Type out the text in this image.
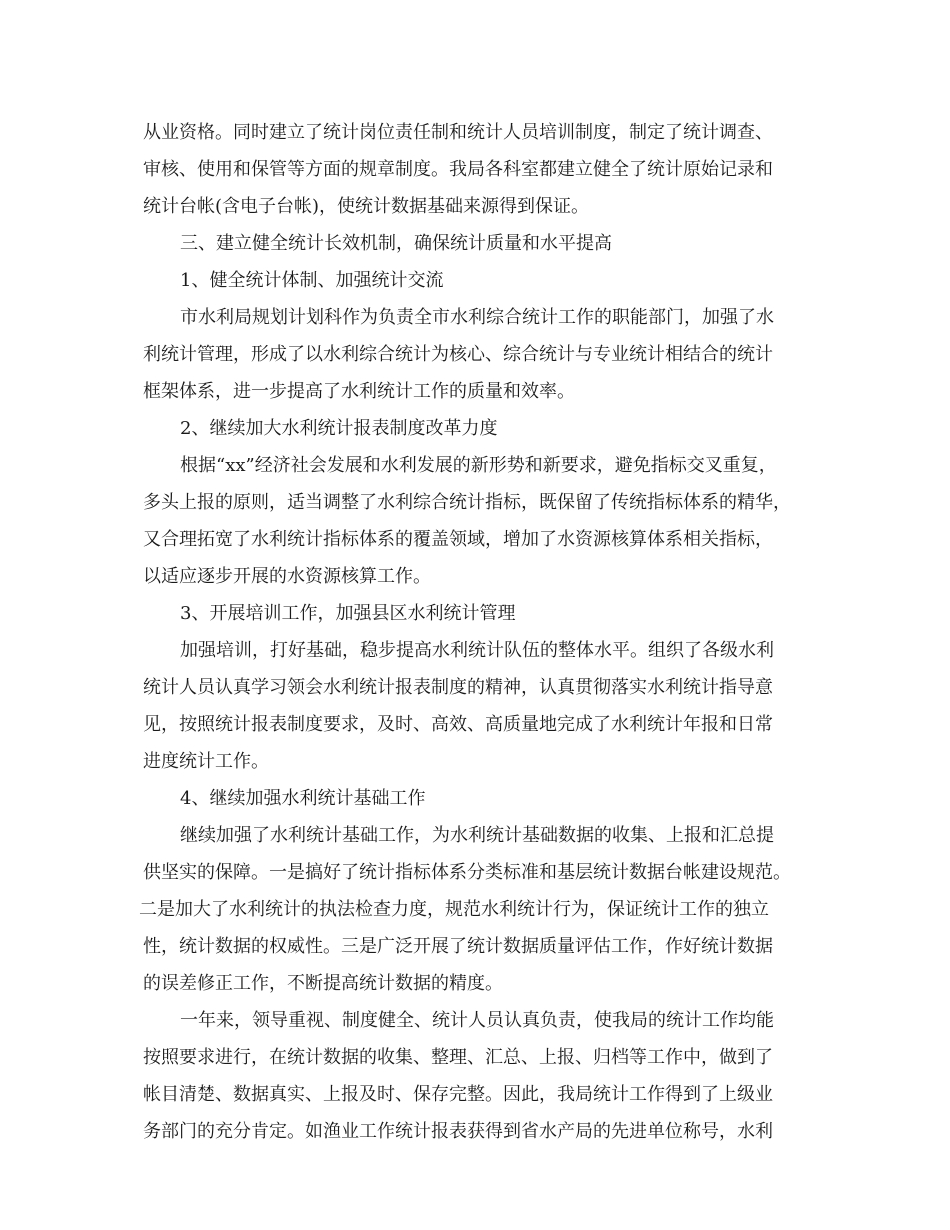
从业资格。同时建立了统计岗位责任制和统计人员培训制度，制定了统计调查、
审核、使用和保管等方面的规章制度。我局各科室都建立健全了统计原始记录和
统计台帐(含电子台帐)，使统计数据基础来源得到保证。
三、建立健全统计长效机制，确保统计质量和水平提高
1、健全统计体制、加强统计交流
市水利局规划计划科作为负责全市水利综合统计工作的职能部门，加强了水
利统计管理，形成了以水利综合统计为核心、综合统计与专业统计相结合的统计
框架体系，进一步提高了水利统计工作的质量和效率。
2、继续加大水利统计报表制度改革力度
根据“xx”经济社会发展和水利发展的新形势和新要求，避免指标交叉重复，
多头上报的原则，适当调整了水利综合统计指标，既保留了传统指标体系的精华，
又合理拓宽了水利统计指标体系的覆盖领域，增加了水资源核算体系相关指标，
以适应逐步开展的水资源核算工作。
3、开展培训工作，加强县区水利统计管理
加强培训，打好基础，稳步提高水利统计队伍的整体水平。组织了各级水利
统计人员认真学习领会水利统计报表制度的精神，认真贯彻落实水利统计指导意
见，按照统计报表制度要求，及时、高效、高质量地完成了水利统计年报和日常
进度统计工作。
4、继续加强水利统计基础工作
继续加强了水利统计基础工作，为水利统计基础数据的收集、上报和汇总提
供坚实的保障。一是搞好了统计指标体系分类标准和基层统计数据台帐建设规范。
二是加大了水利统计的执法检查力度，规范水利统计行为，保证统计工作的独立
性，统计数据的权威性。三是广泛开展了统计数据质量评估工作，作好统计数据
的误差修正工作，不断提高统计数据的精度。
一年来，领导重视、制度健全、统计人员认真负责，使我局的统计工作均能
按照要求进行，在统计数据的收集、整理、汇总、上报、归档等工作中，做到了
帐目清楚、数据真实、上报及时、保存完整。因此，我局统计工作得到了上级业
务部门的充分肯定。如渔业工作统计报表获得到省水产局的先进单位称号，水利
